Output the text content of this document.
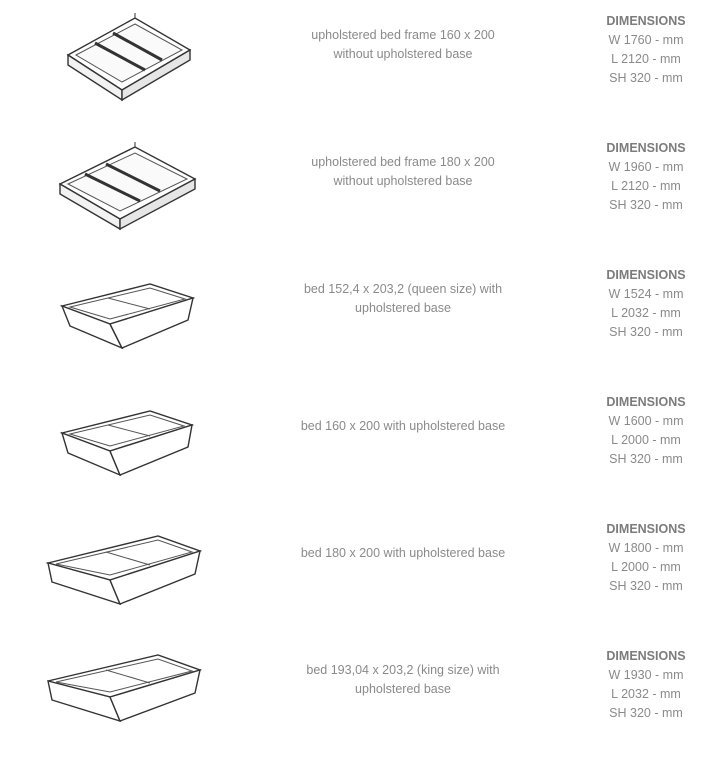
upholstered bed frame 160 x 200
without upholstered base
DIMENSIONS
W 1760 - mm
L 2120 - mm
SH 320 - mm
upholstered bed frame 180 x 200
without upholstered base
DIMENSIONS
W 1960 - mm
L 2120 - mm
SH 320 - mm
bed 152,4 x 203,2 (queen size) with
upholstered base
DIMENSIONS
W 1524 - mm
L 2032 - mm
SH 320 - mm
bed 160 x 200 with upholstered base
DIMENSIONS
W 1600 - mm
L 2000 - mm
SH 320 - mm
bed 180 x 200 with upholstered base
DIMENSIONS
W 1800 - mm
L 2000 - mm
SH 320 - mm
bed 193,04 x 203,2 (king size) with
upholstered base
DIMENSIONS
W 1930 - mm
L 2032 - mm
SH 320 - mm
